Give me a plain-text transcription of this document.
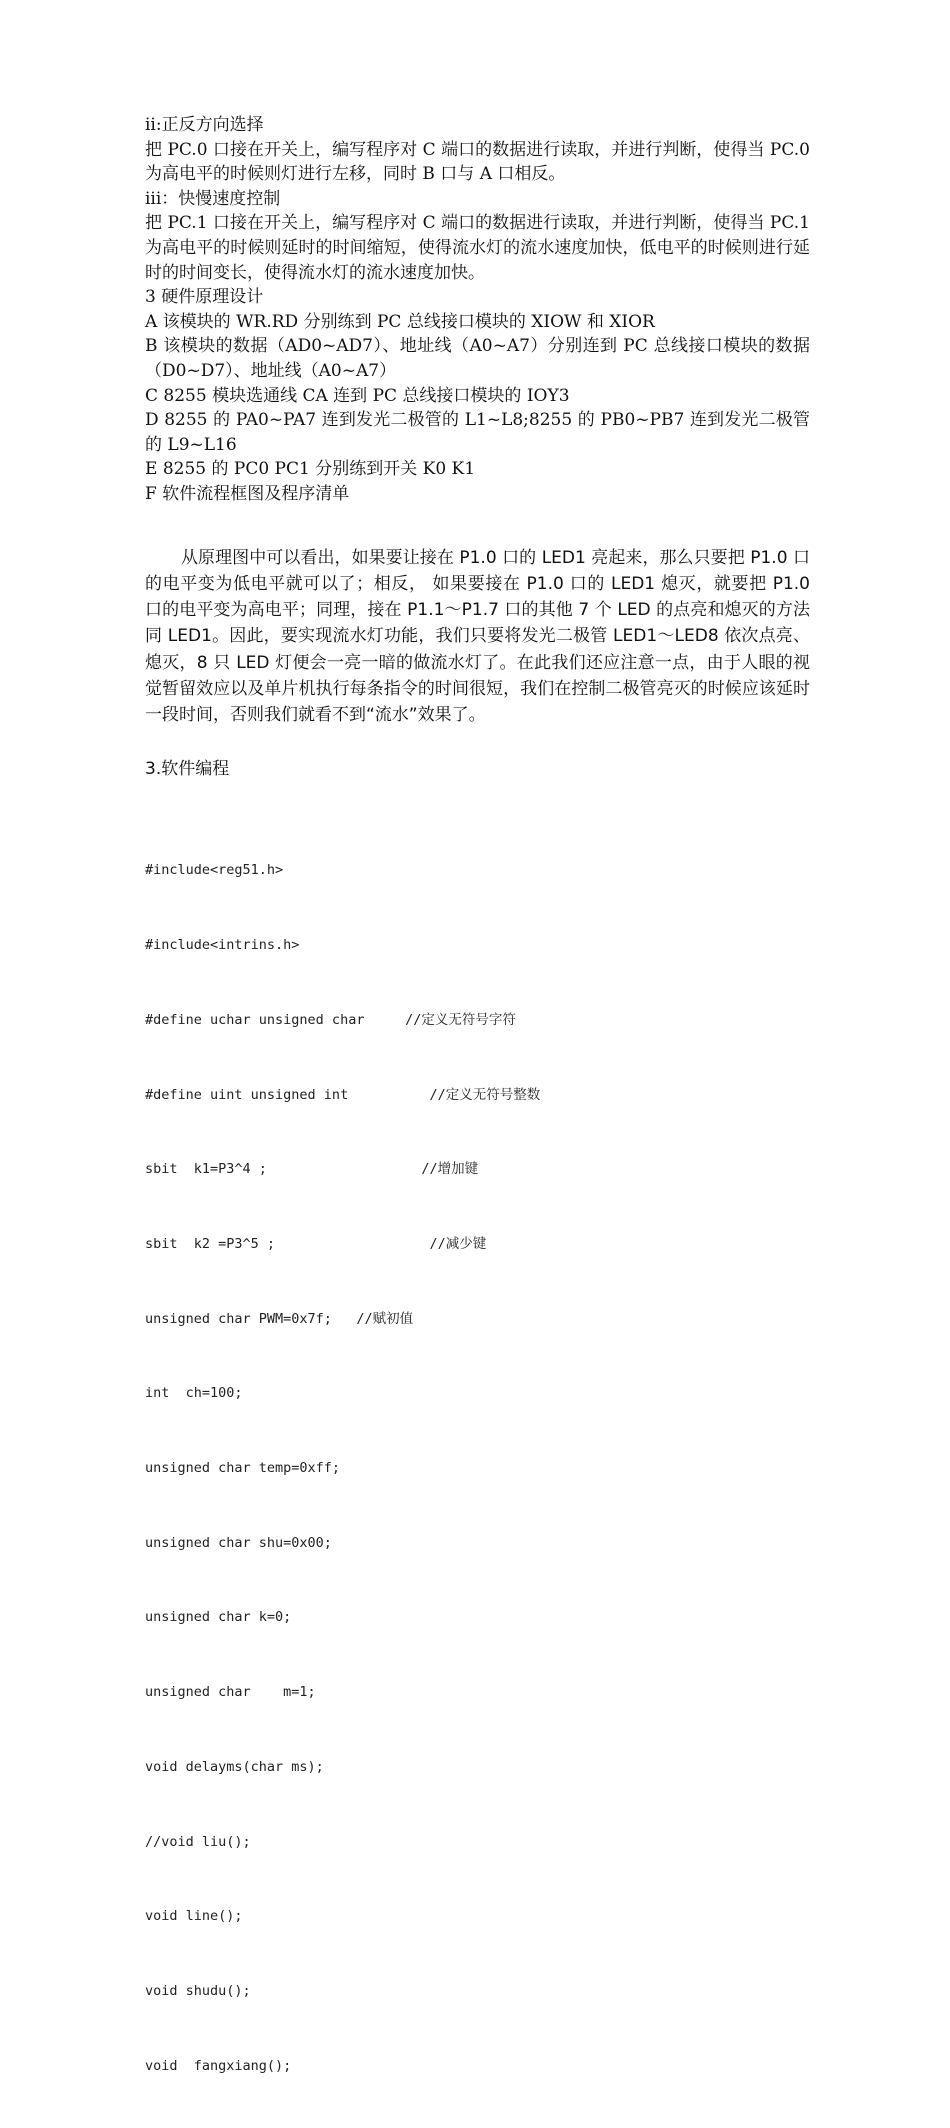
ii:正反方向选择

把 PC.0 口接在开关上，编写程序对 C 端口的数据进行读取，并进行判断，使得当 PC.0 为高电平的时候则灯进行左移，同时 B 口与 A 口相反。

iii：快慢速度控制

把 PC.1 口接在开关上，编写程序对 C 端口的数据进行读取，并进行判断，使得当 PC.1 为高电平的时候则延时的时间缩短，使得流水灯的流水速度加快，低电平的时候则进行延时的时间变长，使得流水灯的流水速度加快。

3 硬件原理设计

A 该模块的 WR.RD 分别练到 PC 总线接口模块的 XIOW 和 XIOR

B 该模块的数据（AD0~AD7）、地址线（A0~A7）分别连到 PC 总线接口模块的数据（D0~D7）、地址线（A0~A7）

C 8255 模块选通线 CA 连到 PC 总线接口模块的 IOY3

D 8255 的 PA0~PA7 连到发光二极管的 L1~L8;8255 的 PB0~PB7 连到发光二极管的 L9~L16

E 8255 的 PC0 PC1 分别练到开关 K0 K1

F 软件流程框图及程序清单

从原理图中可以看出，如果要让接在 P1.0 口的 LED1 亮起来，那么只要把 P1.0 口的电平变为低电平就可以了；相反， 如果要接在 P1.0 口的 LED1 熄灭，就要把 P1.0 口的电平变为高电平；同理，接在 P1.1～P1.7 口的其他 7 个 LED 的点亮和熄灭的方法同 LED1。因此，要实现流水灯功能，我们只要将发光二极管 LED1～LED8 依次点亮、熄灭，8 只 LED 灯便会一亮一暗的做流水灯了。在此我们还应注意一点，由于人眼的视觉暂留效应以及单片机执行每条指令的时间很短，我们在控制二极管亮灭的时候应该延时一段时间，否则我们就看不到“流水”效果了。
3.软件编程

#include<reg51.h>

#include<intrins.h>

#define uchar unsigned char     //定义无符号字符

#define uint unsigned int          //定义无符号整数

sbit  k1=P3^4 ;                   //增加键

sbit  k2 =P3^5 ;                   //减少键

unsigned char PWM=0x7f;   //赋初值

int  ch=100;

unsigned char temp=0xff;

unsigned char shu=0x00;

unsigned char k=0;

unsigned char    m=1;

void delayms(char ms);

//void liu();

void line();

void shudu();

void  fangxiang();
